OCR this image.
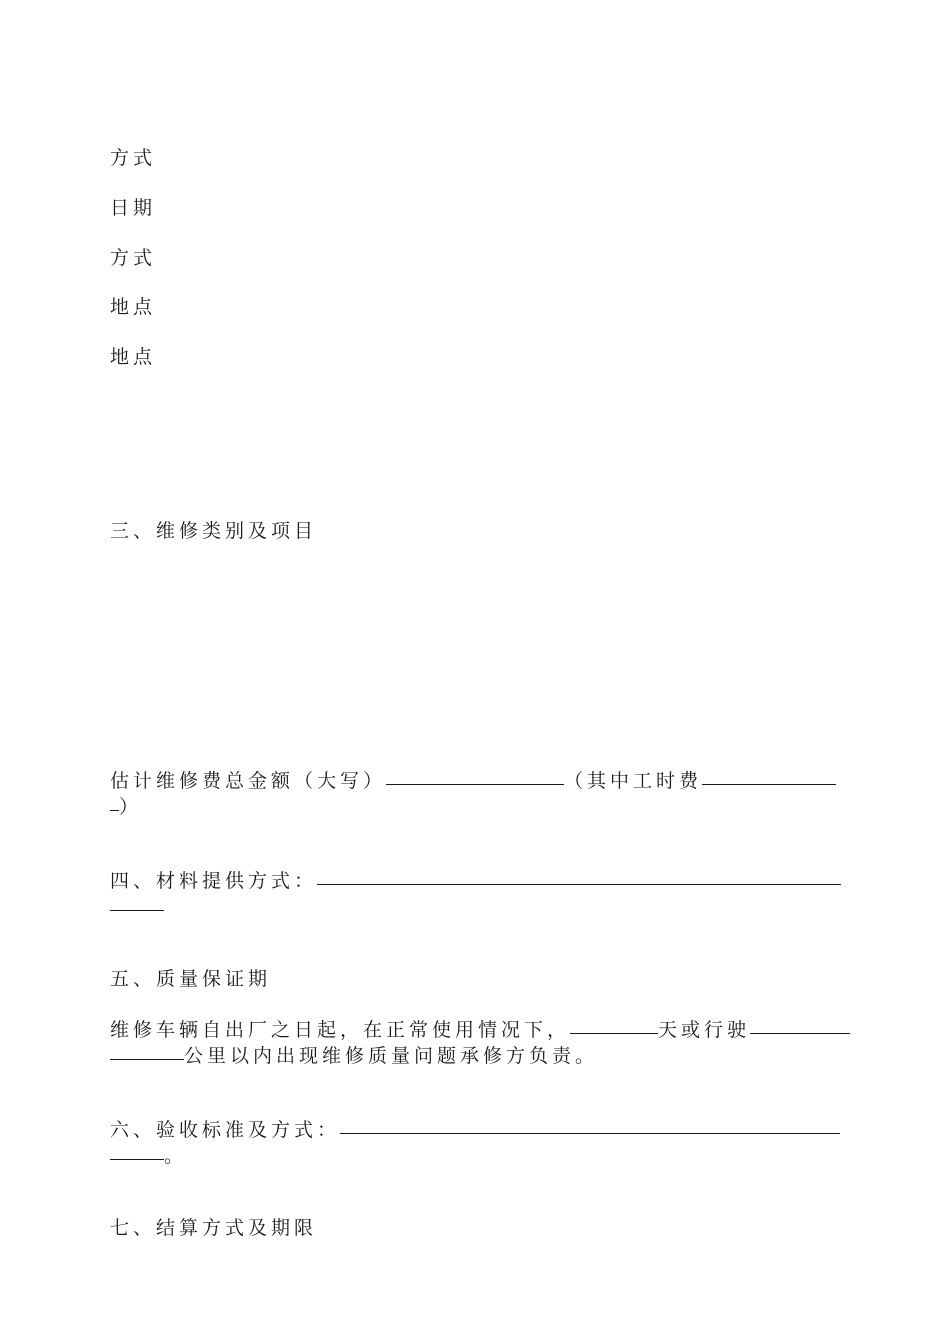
方式
日期
方式
地点
地点
三、维修类别及项目
估计维修费总金额（大写）	（其中工时费
）
四、材料提供方式：
五、质量保证期
维修车辆自出厂之日起，在正常使用情况下，	天或行驶
公里以内出现维修质量问题承修方负责。
六、验收标准及方式：
。
七、结算方式及期限
